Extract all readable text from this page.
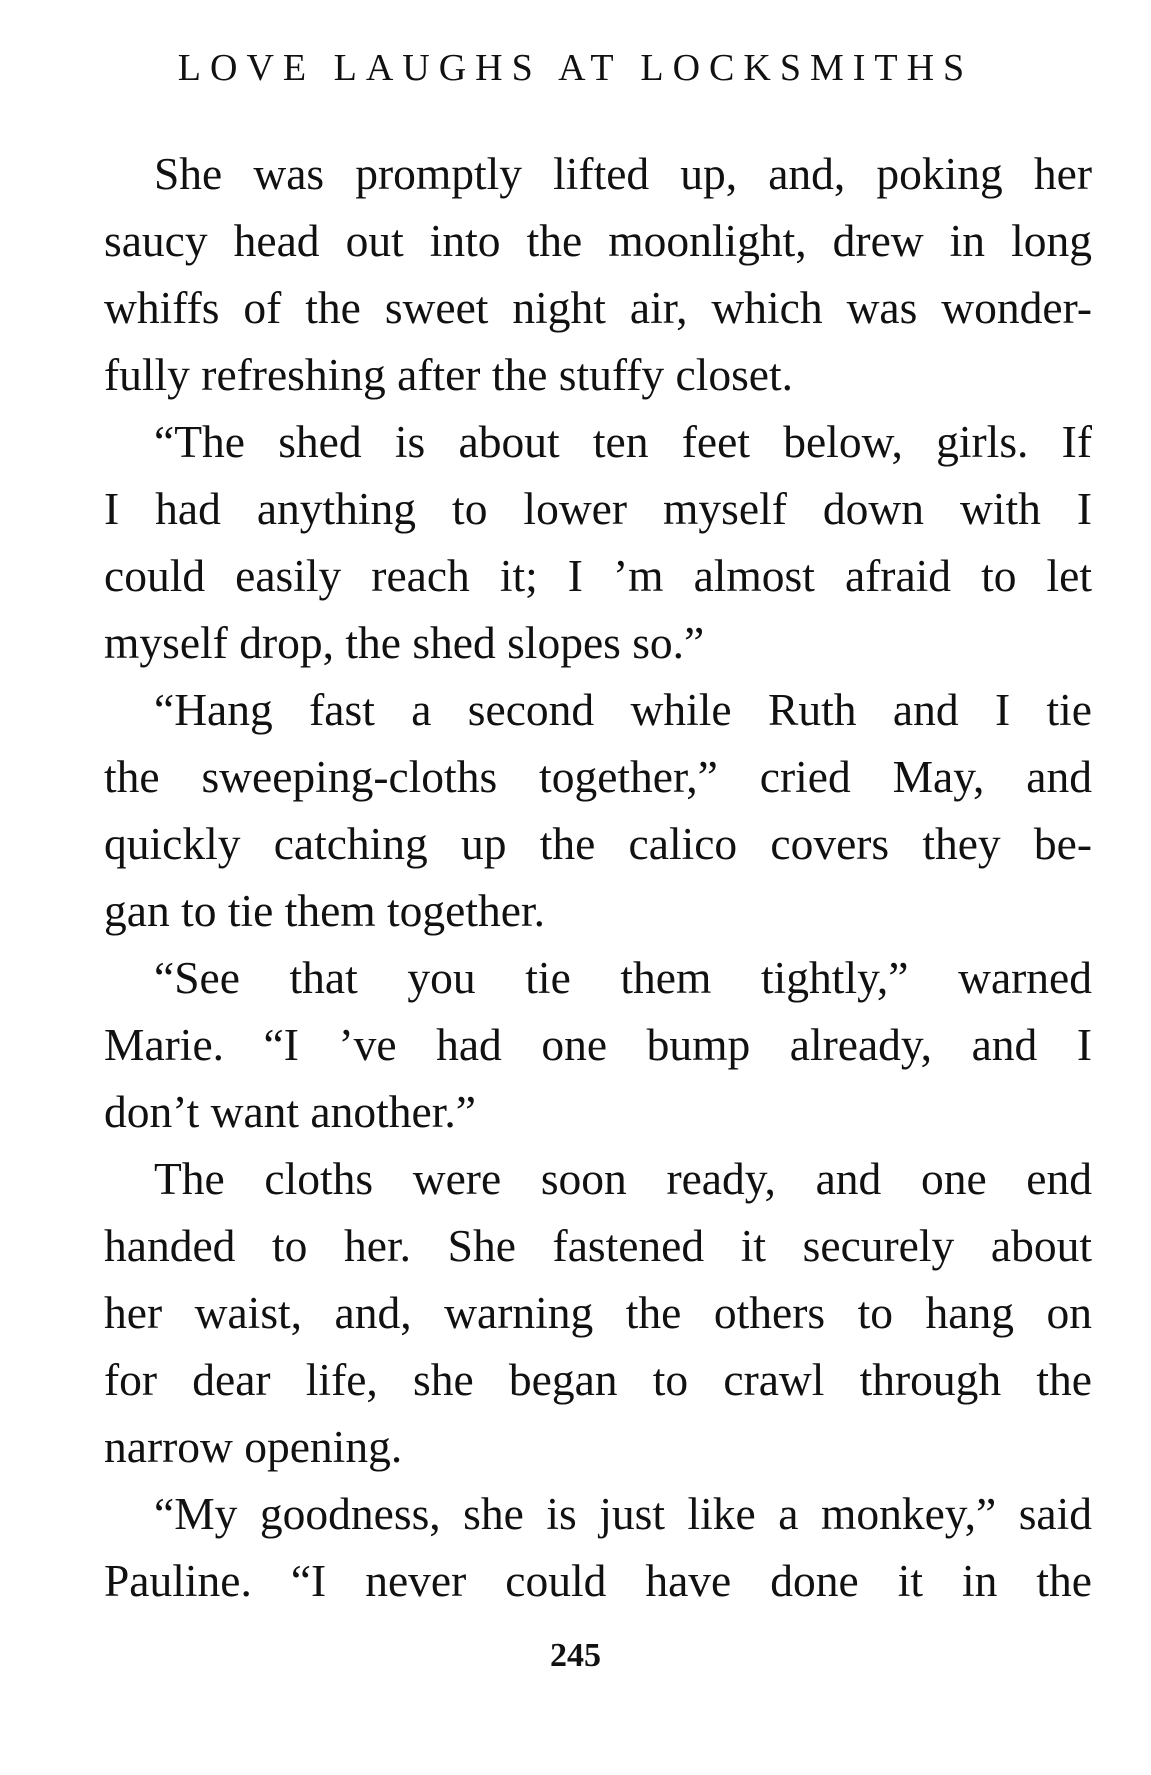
LOVE LAUGHS AT LOCKSMITHS
She was promptly lifted up, and, poking her
saucy head out into the moonlight, drew in long
whiffs of the sweet night air, which was wonder-
fully refreshing after the stuffy closet.
“The shed is about ten feet below, girls. If
I had anything to lower myself down with I
could easily reach it; I ’m almost afraid to let
myself drop, the shed slopes so.”
“Hang fast a second while Ruth and I tie
the sweeping-cloths together,” cried May, and
quickly catching up the calico covers they be-
gan to tie them together.
“See that you tie them tightly,” warned
Marie. “I ’ve had one bump already, and I
don’t want another.”
The cloths were soon ready, and one end
handed to her. She fastened it securely about
her waist, and, warning the others to hang on
for dear life, she began to crawl through the
narrow opening.
“My goodness, she is just like a monkey,” said
Pauline. “I never could have done it in the
245
